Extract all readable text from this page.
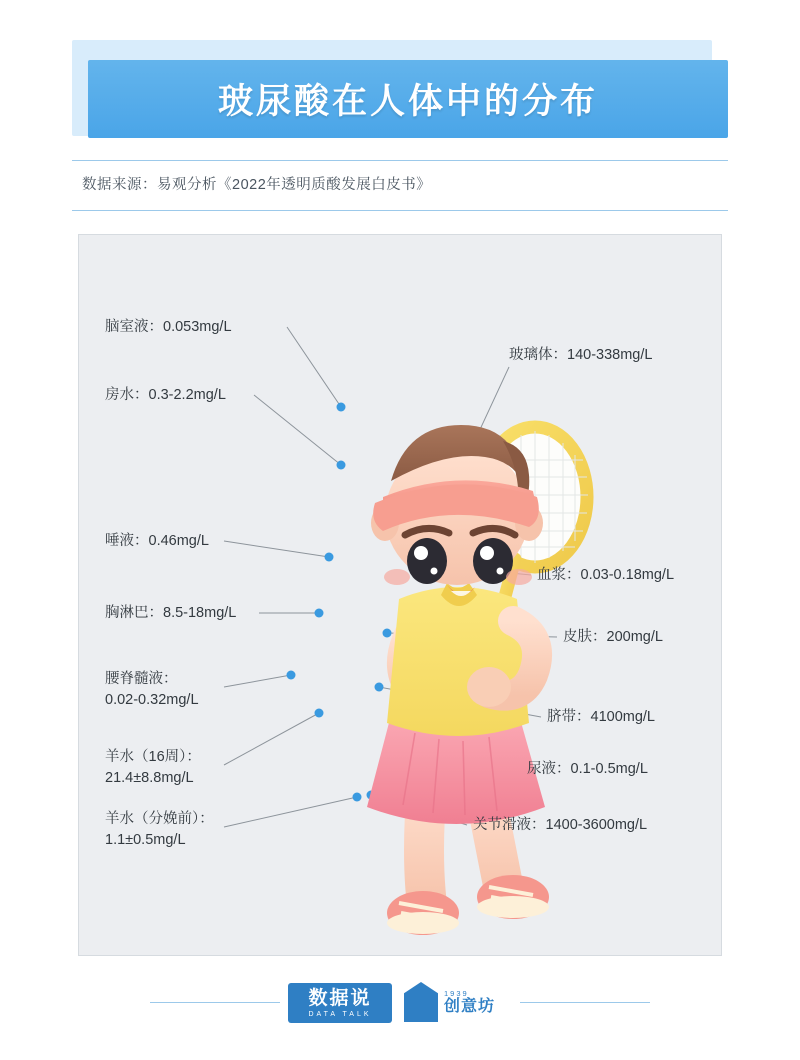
玻尿酸在人体中的分布
数据来源：易观分析《2022年透明质酸发展白皮书》
脑室液：0.053mg/L
房水：0.3-2.2mg/L
唾液：0.46mg/L
胸淋巴：8.5-18mg/L
腰脊髓液：
0.02-0.32mg/L
羊水（16周）：
21.4±8.8mg/L
羊水（分娩前）：
1.1±0.5mg/L
玻璃体：140-338mg/L
血浆：0.03-0.18mg/L
皮肤：200mg/L
脐带：4100mg/L
尿液：0.1-0.5mg/L
关节滑液：1400-3600mg/L
数据说
DATA TALK
1939
创意坊
